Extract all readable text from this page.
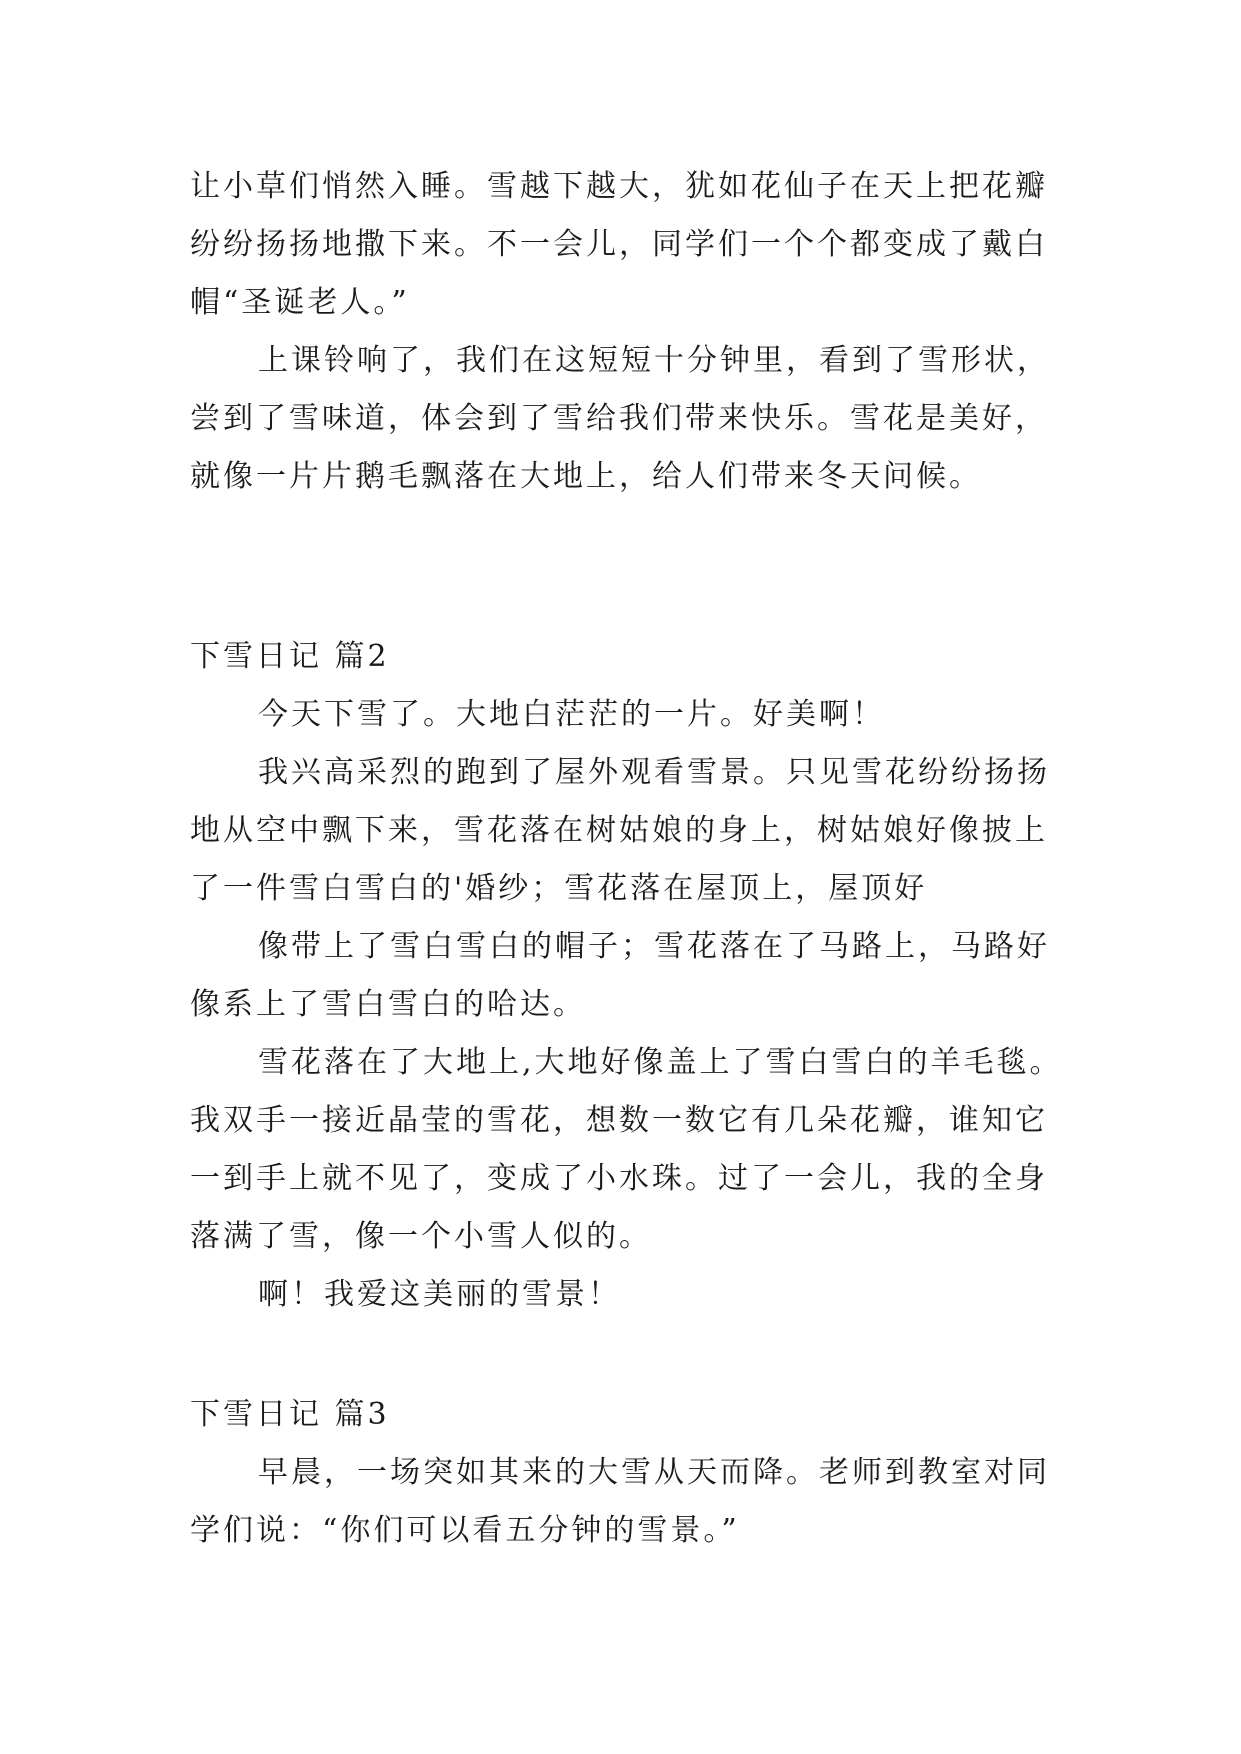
让小草们悄然入睡。雪越下越大，犹如花仙子在天上把花瓣
纷纷扬扬地撒下来。不一会儿，同学们一个个都变成了戴白
帽“圣诞老人。”
上课铃响了，我们在这短短十分钟里，看到了雪形状，
尝到了雪味道，体会到了雪给我们带来快乐。雪花是美好，
就像一片片鹅毛飘落在大地上，给人们带来冬天问候。
下雪日记 篇2
今天下雪了。大地白茫茫的一片。好美啊！
我兴高采烈的跑到了屋外观看雪景。只见雪花纷纷扬扬
地从空中飘下来，雪花落在树姑娘的身上，树姑娘好像披上
了一件雪白雪白的'婚纱；雪花落在屋顶上，屋顶好
像带上了雪白雪白的帽子；雪花落在了马路上，马路好
像系上了雪白雪白的哈达。
雪花落在了大地上,大地好像盖上了雪白雪白的羊毛毯。
我双手一接近晶莹的雪花，想数一数它有几朵花瓣，谁知它
一到手上就不见了，变成了小水珠。过了一会儿，我的全身
落满了雪，像一个小雪人似的。
啊！我爱这美丽的雪景！
下雪日记 篇3
早晨，一场突如其来的大雪从天而降。老师到教室对同
学们说：“你们可以看五分钟的雪景。”
